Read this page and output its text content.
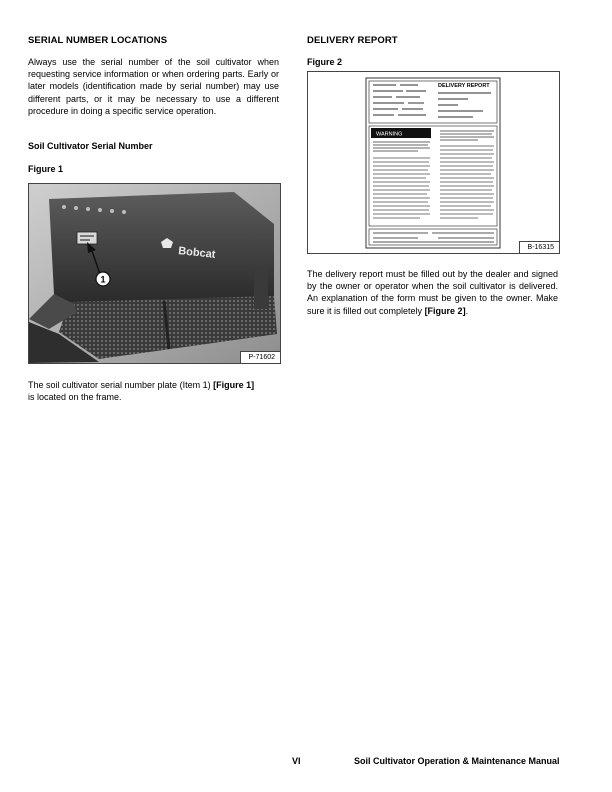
SERIAL NUMBER LOCATIONS
Always use the serial number of the soil cultivator when requesting service information or when ordering parts. Early or later models (identification made by serial number) may use different parts, or it may be necessary to use a different procedure in doing a specific service operation.
Soil Cultivator Serial Number
Figure 1
Bobcat
1
P-71602
The soil cultivator serial number plate (Item 1) [Figure 1]
is located on the frame.
DELIVERY REPORT
Figure 2
DELIVERY REPORT
WARNING
B-16315
The delivery report must be filled out by the dealer and signed by the owner or operator when the soil cultivator is delivered. An explanation of the form must be given to the owner. Make sure it is filled out completely [Figure 2].
VI	Soil Cultivator Operation & Maintenance Manual
